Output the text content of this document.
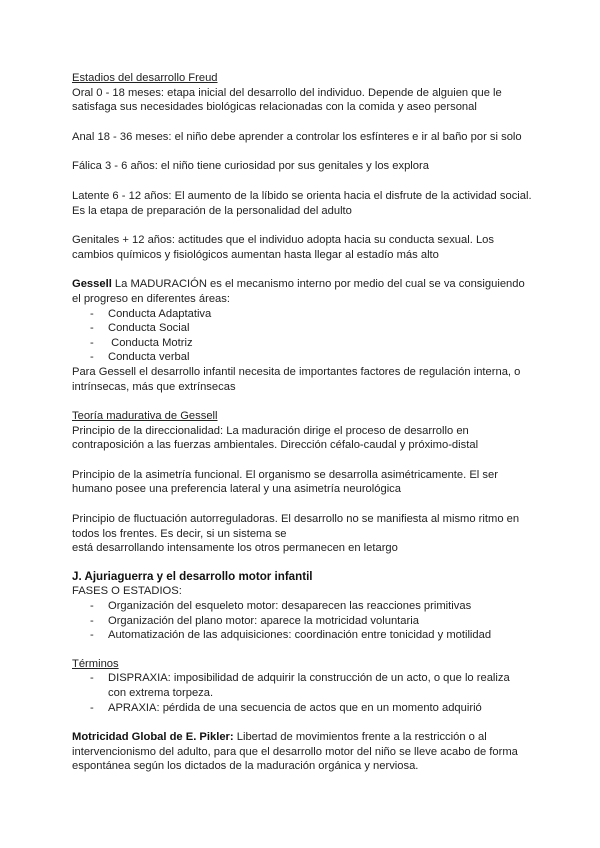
Estadios del desarrollo Freud

Oral 0 - 18 meses: etapa inicial del desarrollo del individuo. Depende de alguien que le satisfaga sus necesidades biológicas relacionadas con la comida y aseo personal

Anal 18 - 36 meses: el niño debe aprender a controlar los esfínteres e ir al baño por si solo

Fálica 3 - 6 años: el niño tiene curiosidad por sus genitales y los explora

Latente 6 - 12 años: El aumento de la líbido se orienta hacia el disfrute de la actividad social. Es la etapa de preparación de la personalidad del adulto

Genitales + 12 años: actitudes que el individuo adopta hacia su conducta sexual. Los cambios químicos y fisiológicos aumentan hasta llegar al estadío más alto

Gessell La MADURACIÓN es el mecanismo interno por medio del cual se va consiguiendo el progreso en diferentes áreas:

- Conducta Adaptativa
- Conducta Social
-  Conducta Motriz
- Conducta verbal

Para Gessell el desarrollo infantil necesita de importantes factores de regulación interna, o intrínsecas, más que extrínsecas

Teoría madurativa de Gessell

Principio de la direccionalidad: La maduración dirige el proceso de desarrollo en contraposición a las fuerzas ambientales. Dirección céfalo-caudal y próximo-distal

Principio de la asimetría funcional. El organismo se desarrolla asimétricamente. El ser humano posee una preferencia lateral y una asimetría neurológica

Principio de fluctuación autorreguladoras. El desarrollo no se manifiesta al mismo ritmo en todos los frentes. Es decir, si un sistema se

está desarrollando intensamente los otros permanecen en letargo

J. Ajuriaguerra y el desarrollo motor infantil

FASES O ESTADIOS:

- Organización del esqueleto motor: desaparecen las reacciones primitivas
- Organización del plano motor: aparece la motricidad voluntaria
- Automatización de las adquisiciones: coordinación entre tonicidad y motilidad

Términos

- DISPRAXIA: imposibilidad de adquirir la construcción de un acto, o que lo realiza con extrema torpeza.
- APRAXIA: pérdida de una secuencia de actos que en un momento adquirió

Motricidad Global de E. Pikler: Libertad de movimientos frente a la restricción o al intervencionismo del adulto, para que el desarrollo motor del niño se lleve acabo de forma espontánea según los dictados de la maduración orgánica y nerviosa.
